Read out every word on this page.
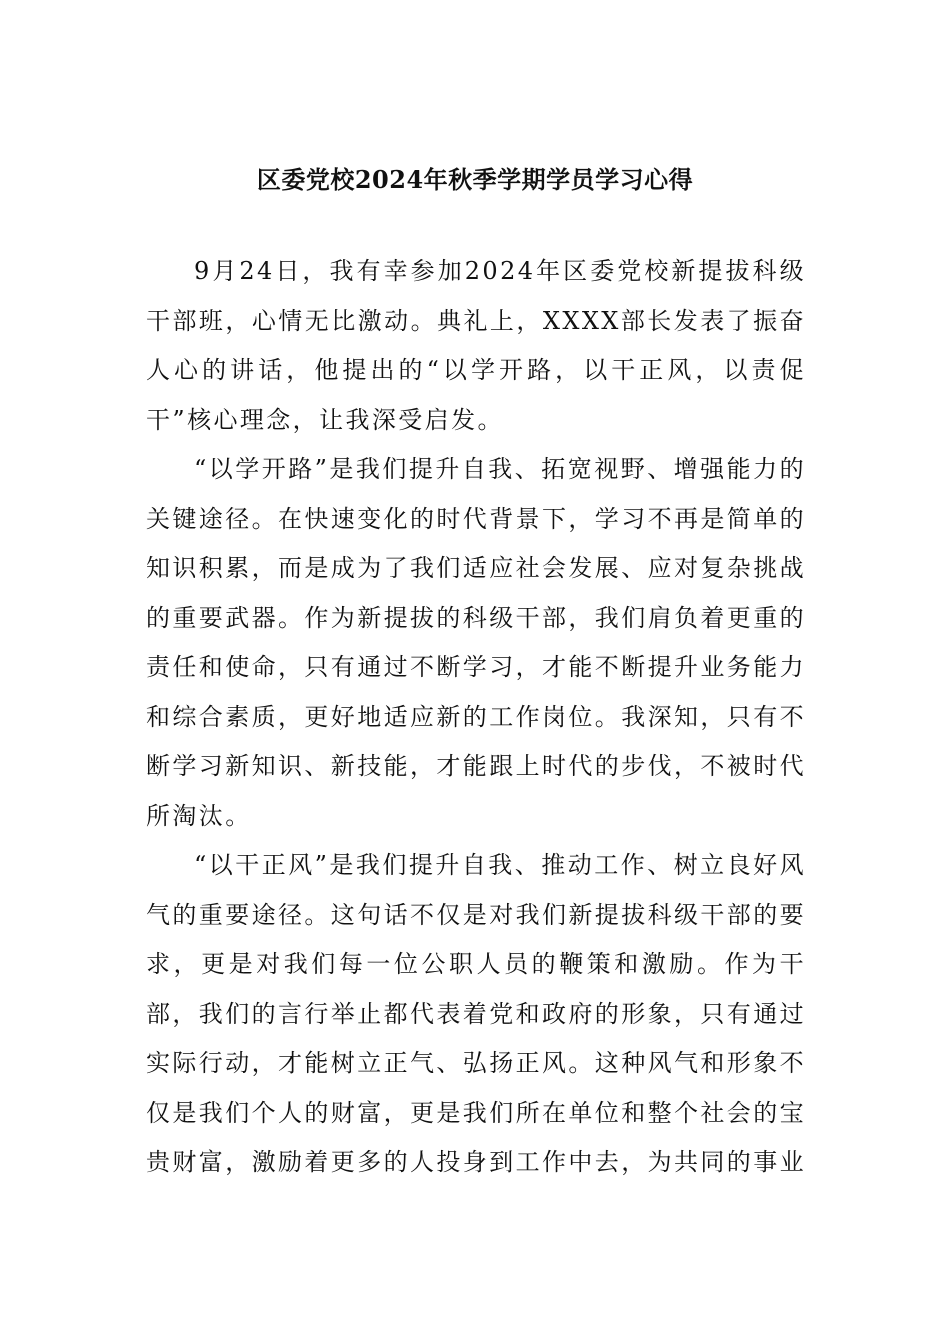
区委党校2024年秋季学期学员学习心得

9月24日，我有幸参加2024年区委党校新提拔科级干部班，心情无比激动。典礼上，XXXX部长发表了振奋人心的讲话，他提出的“以学开路，以干正风，以责促干”核心理念，让我深受启发。

“以学开路”是我们提升自我、拓宽视野、增强能力的关键途径。在快速变化的时代背景下，学习不再是简单的知识积累，而是成为了我们适应社会发展、应对复杂挑战的重要武器。作为新提拔的科级干部，我们肩负着更重的责任和使命，只有通过不断学习，才能不断提升业务能力和综合素质，更好地适应新的工作岗位。我深知，只有不断学习新知识、新技能，才能跟上时代的步伐，不被时代所淘汰。

“以干正风”是我们提升自我、推动工作、树立良好风气的重要途径。这句话不仅是对我们新提拔科级干部的要求，更是对我们每一位公职人员的鞭策和激励。作为干部，我们的言行举止都代表着党和政府的形象，只有通过实际行动，才能树立正气、弘扬正风。这种风气和形象不仅是我们个人的财富，更是我们所在单位和整个社会的宝贵财富，激励着更多的人投身到工作中去，为共同的事业
